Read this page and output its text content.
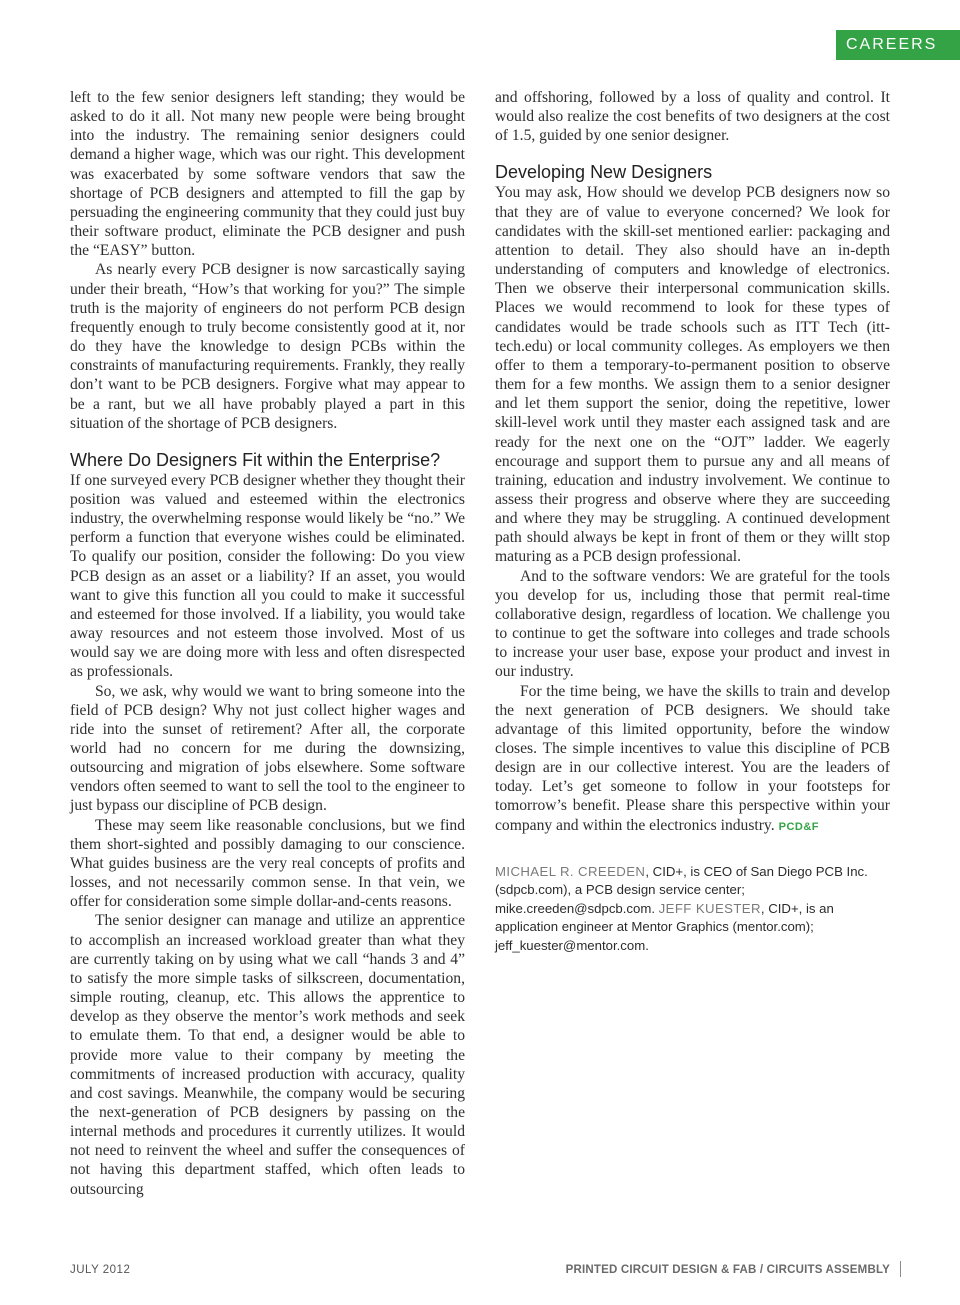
CAREERS

left to the few senior designers left standing; they would be asked to do it all. Not many new people were being brought into the industry. The remaining senior designers could demand a higher wage, which was our right. This development was exacerbated by some software vendors that saw the shortage of PCB designers and attempted to fill the gap by persuading the engineering community that they could just buy their software product, eliminate the PCB designer and push the “EASY” button.

As nearly every PCB designer is now sarcastically saying under their breath, “How’s that working for you?” The simple truth is the majority of engineers do not perform PCB design frequently enough to truly become consistently good at it, nor do they have the knowledge to design PCBs within the constraints of manufacturing requirements. Frankly, they really don’t want to be PCB designers. Forgive what may appear to be a rant, but we all have probably played a part in this situation of the shortage of PCB designers.

Where Do Designers Fit within the Enterprise?

If one surveyed every PCB designer whether they thought their position was valued and esteemed within the electronics industry, the overwhelming response would likely be “no.” We perform a function that everyone wishes could be eliminated. To qualify our position, consider the following: Do you view PCB design as an asset or a liability? If an asset, you would want to give this function all you could to make it successful and esteemed for those involved. If a liability, you would take away resources and not esteem those involved. Most of us would say we are doing more with less and often disrespected as professionals.

So, we ask, why would we want to bring someone into the field of PCB design? Why not just collect higher wages and ride into the sunset of retirement? After all, the corporate world had no concern for me during the downsizing, outsourcing and migration of jobs elsewhere. Some software vendors often seemed to want to sell the tool to the engineer to just bypass our discipline of PCB design.

These may seem like reasonable conclusions, but we find them short-sighted and possibly damaging to our conscience. What guides business are the very real concepts of profits and losses, and not necessarily common sense. In that vein, we offer for consideration some simple dollar-and-cents reasons.

The senior designer can manage and utilize an apprentice to accomplish an increased workload greater than what they are currently taking on by using what we call “hands 3 and 4” to satisfy the more simple tasks of silkscreen, documentation, simple routing, cleanup, etc. This allows the apprentice to develop as they observe the mentor’s work methods and seek to emulate them. To that end, a designer would be able to provide more value to their company by meeting the commitments of increased production with accuracy, quality and cost savings. Meanwhile, the company would be securing the next-generation of PCB designers by passing on the internal methods and procedures it currently utilizes. It would not need to reinvent the wheel and suffer the consequences of not having this department staffed, which often leads to outsourcing

and offshoring, followed by a loss of quality and control. It would also realize the cost benefits of two designers at the cost of 1.5, guided by one senior designer.

Developing New Designers

You may ask, How should we develop PCB designers now so that they are of value to everyone concerned? We look for candidates with the skill-set mentioned earlier: packaging and attention to detail. They also should have an in-depth understanding of computers and knowledge of electronics. Then we observe their interpersonal communication skills. Places we would recommend to look for these types of candidates would be trade schools such as ITT Tech (itt-tech.edu) or local community colleges. As employers we then offer to them a temporary-to-permanent position to observe them for a few months. We assign them to a senior designer and let them support the senior, doing the repetitive, lower skill-level work until they master each assigned task and are ready for the next one on the “OJT” ladder. We eagerly encourage and support them to pursue any and all means of training, education and industry involvement. We continue to assess their progress and observe where they are succeeding and where they may be struggling. A continued development path should always be kept in front of them or they willt stop maturing as a PCB design professional.

And to the software vendors: We are grateful for the tools you develop for us, including those that permit real-time collaborative design, regardless of location. We challenge you to continue to get the software into colleges and trade schools to increase your user base, expose your product and invest in our industry.

For the time being, we have the skills to train and develop the next generation of PCB designers. We should take advantage of this limited opportunity, before the window closes. The simple incentives to value this discipline of PCB design are in our collective interest. You are the leaders of today. Let’s get someone to follow in your footsteps for tomorrow’s benefit. Please share this perspective within your company and within the electronics industry. PCD&F

MICHAEL R. CREEDEN, CID+, is CEO of San Diego PCB Inc. (sdpcb.com), a PCB design service center; mike.creeden@sdpcb.com. JEFF KUESTER, CID+, is an application engineer at Mentor Graphics (mentor.com); jeff_kuester@mentor.com.

JULY 2012	PRINTED CIRCUIT DESIGN & FAB / CIRCUITS ASSEMBLY
